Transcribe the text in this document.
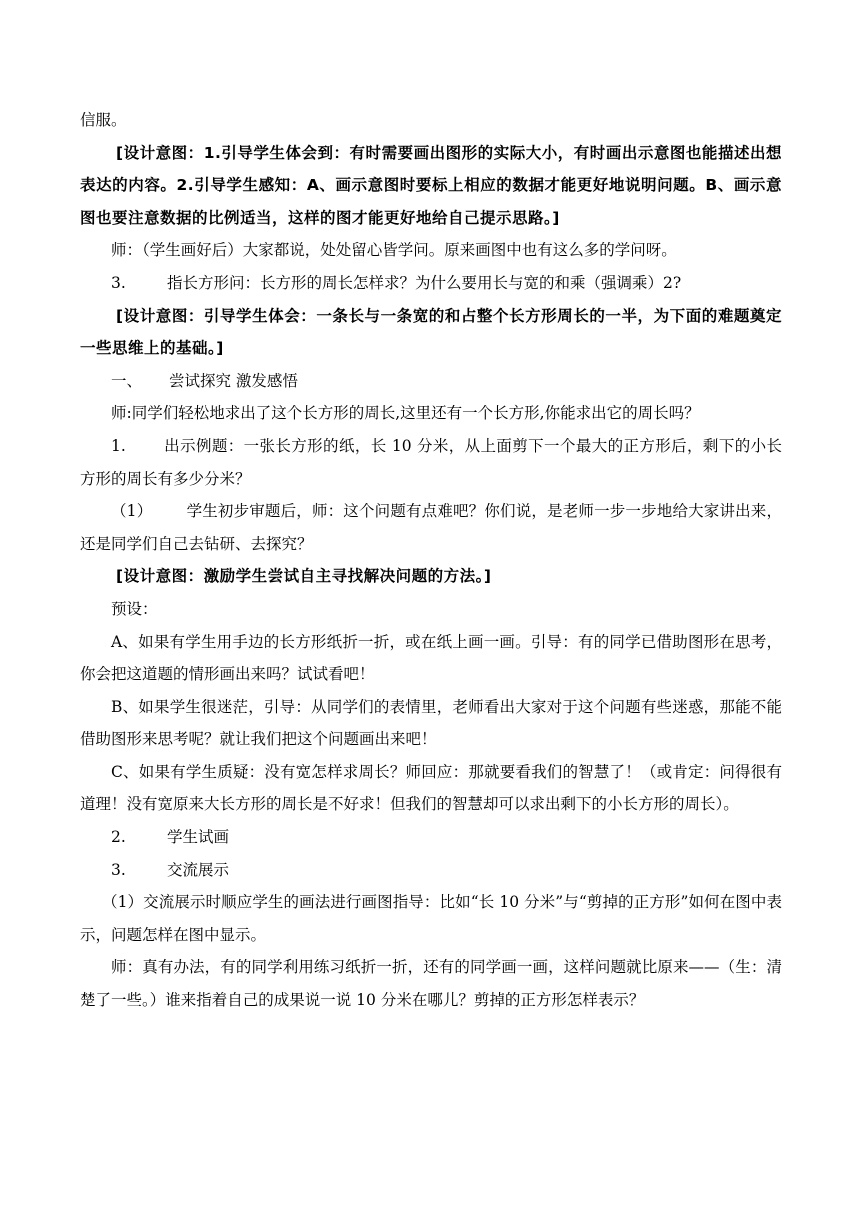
信服。

[设计意图：1.引导学生体会到：有时需要画出图形的实际大小，有时画出示意图也能描述出想表达的内容。2.引导学生感知：A、画示意图时要标上相应的数据才能更好地说明问题。B、画示意图也要注意数据的比例适当，这样的图才能更好地给自己提示思路。]

师：（学生画好后）大家都说，处处留心皆学问。原来画图中也有这么多的学问呀。

3.	指长方形问：长方形的周长怎样求？为什么要用长与宽的和乘（强调乘）2?

[设计意图：引导学生体会：一条长与一条宽的和占整个长方形周长的一半，为下面的难题奠定一些思维上的基础。]

一、 尝试探究 激发感悟

师:同学们轻松地求出了这个长方形的周长,这里还有一个长方形,你能求出它的周长吗？

1. 出示例题：一张长方形的纸，长 10 分米，从上面剪下一个最大的正方形后，剩下的小长方形的周长有多少分米？

（1） 学生初步审题后，师：这个问题有点难吧？你们说，是老师一步一步地给大家讲出来，还是同学们自己去钻研、去探究？

[设计意图：激励学生尝试自主寻找解决问题的方法。]

预设：

A、如果有学生用手边的长方形纸折一折，或在纸上画一画。引导：有的同学已借助图形在思考，你会把这道题的情形画出来吗？试试看吧！

B、如果学生很迷茫，引导：从同学们的表情里，老师看出大家对于这个问题有些迷惑，那能不能借助图形来思考呢？就让我们把这个问题画出来吧！

C、如果有学生质疑：没有宽怎样求周长？师回应：那就要看我们的智慧了！（或肯定：问得很有道理！没有宽原来大长方形的周长是不好求！但我们的智慧却可以求出剩下的小长方形的周长）。

2.	学生试画

3.	交流展示

（1）交流展示时顺应学生的画法进行画图指导：比如“长 10 分米”与“剪掉的正方形”如何在图中表示，问题怎样在图中显示。

师：真有办法，有的同学利用练习纸折一折，还有的同学画一画，这样问题就比原来——（生：清楚了一些。）谁来指着自己的成果说一说 10 分米在哪儿？剪掉的正方形怎样表示？
